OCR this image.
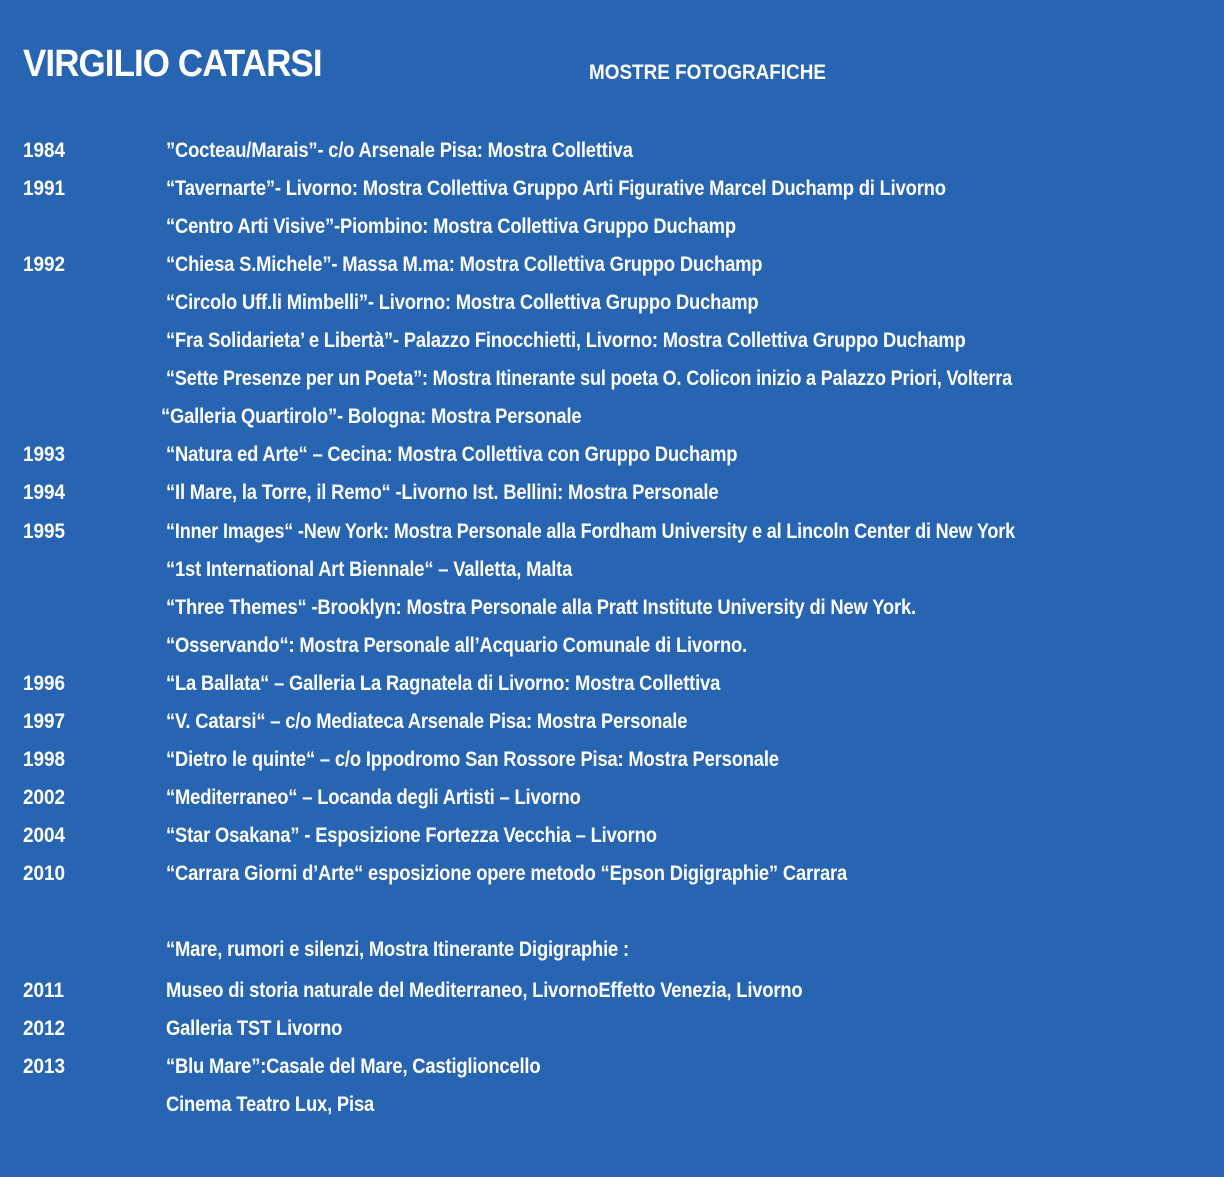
VIRGILIO CATARSI	MOSTRE FOTOGRAFICHE
1984	”Cocteau/Marais”- c/o Arsenale Pisa: Mostra Collettiva
1991	“Tavernarte”- Livorno: Mostra Collettiva Gruppo Arti Figurative Marcel Duchamp di Livorno
“Centro Arti Visive”-Piombino: Mostra Collettiva Gruppo Duchamp
1992	“Chiesa S.Michele”- Massa M.ma: Mostra Collettiva Gruppo Duchamp
“Circolo Uff.li Mimbelli”- Livorno: Mostra Collettiva Gruppo Duchamp
“Fra Solidarieta’ e Libertà”- Palazzo Finocchietti, Livorno: Mostra Collettiva Gruppo Duchamp
“Sette Presenze per un Poeta”: Mostra Itinerante sul poeta O. Colicon inizio a Palazzo Priori, Volterra
“Galleria Quartirolo”- Bologna: Mostra Personale
1993	“Natura ed Arte“ – Cecina: Mostra Collettiva con Gruppo Duchamp
1994	“Il Mare, la Torre, il Remo“ -Livorno Ist. Bellini: Mostra Personale
1995	“Inner Images“ -New York: Mostra Personale alla Fordham University e al Lincoln Center di New York
“1st International Art Biennale“ – Valletta, Malta
“Three Themes“ -Brooklyn: Mostra Personale alla Pratt Institute University di New York.
“Osservando“: Mostra Personale all’Acquario Comunale di Livorno.
1996	“La Ballata“ – Galleria La Ragnatela di Livorno: Mostra Collettiva
1997	“V. Catarsi“ – c/o Mediateca Arsenale Pisa: Mostra Personale
1998	“Dietro le quinte“ – c/o Ippodromo San Rossore Pisa: Mostra Personale
2002	“Mediterraneo“ – Locanda degli Artisti – Livorno
2004	“Star Osakana” - Esposizione Fortezza Vecchia – Livorno
2010	“Carrara Giorni d’Arte“ esposizione opere metodo “Epson Digigraphie” Carrara
“Mare, rumori e silenzi, Mostra Itinerante Digigraphie :
2011	Museo di storia naturale del Mediterraneo, LivornoEffetto Venezia, Livorno
2012	Galleria TST Livorno
2013	“Blu Mare”:Casale del Mare, Castiglioncello
Cinema Teatro Lux, Pisa
